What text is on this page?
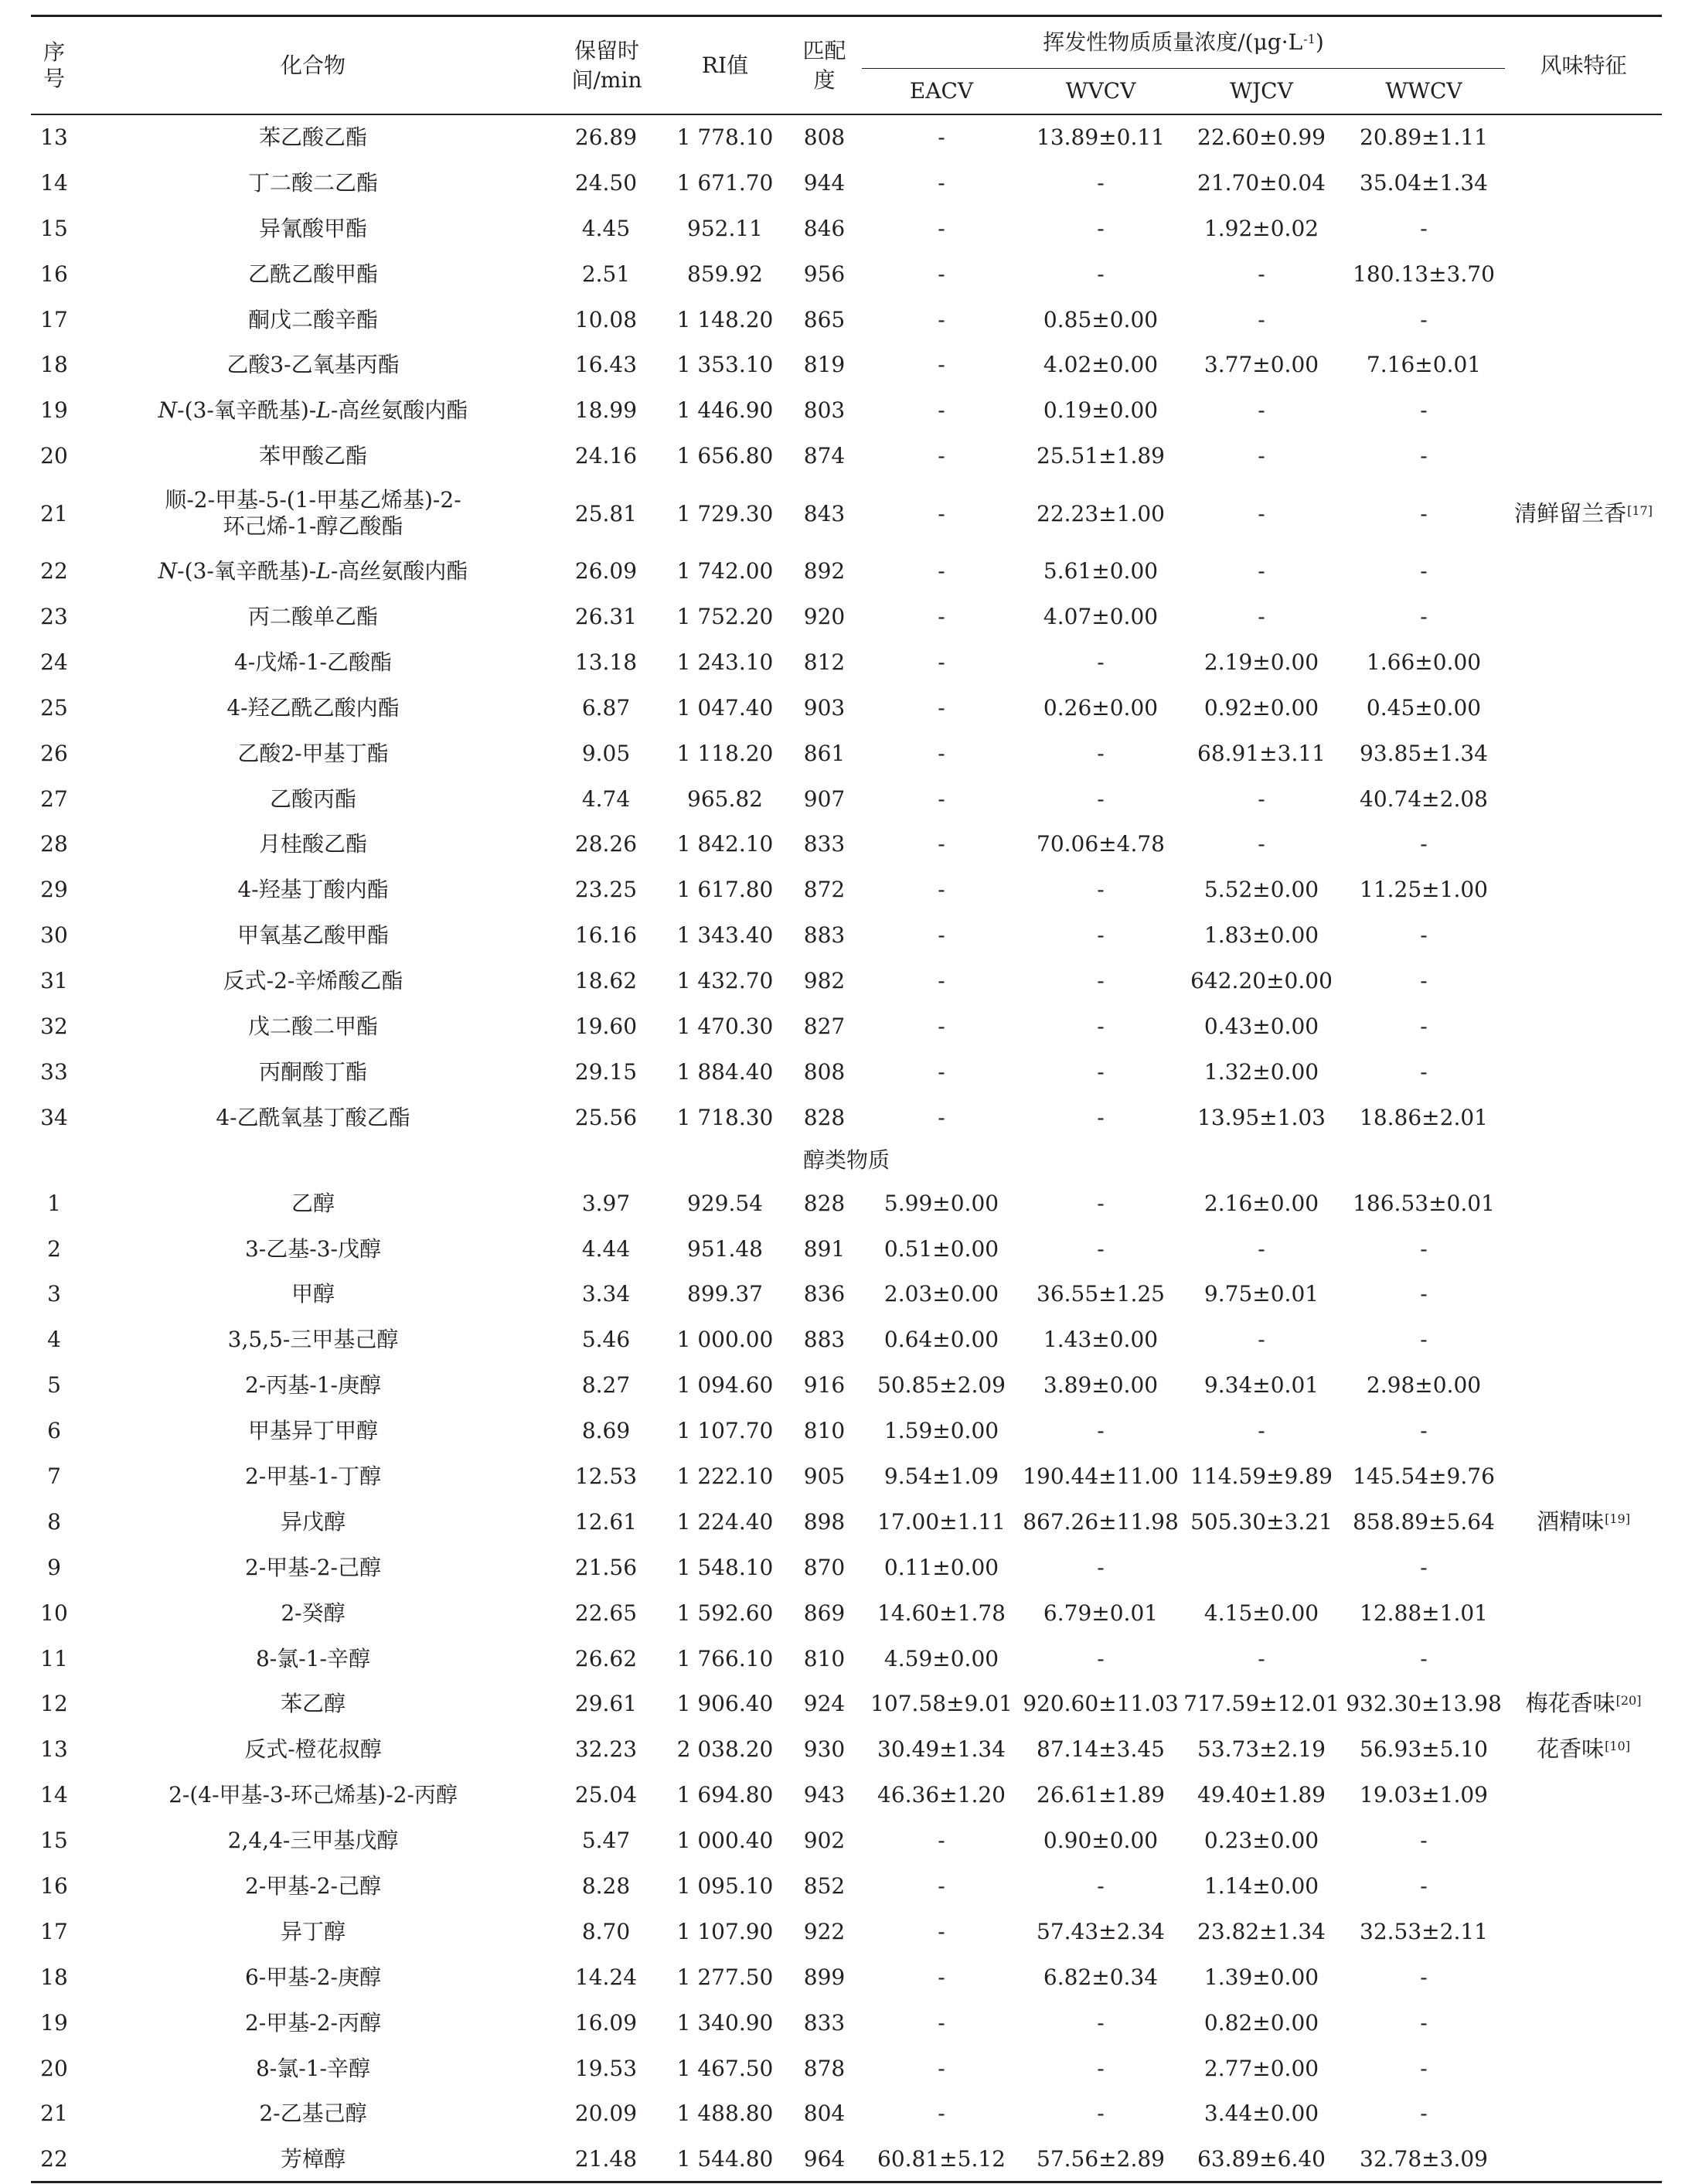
序号	化合物	保留时间/min	RI值	匹配度	挥发性物质质量浓度$/(\mu g\cdot L^{-1})$				风味特征
					EACV	WVCV	WJCV	WWCV	
13	苯乙酸乙酯	26.89	1 778.10	808	-	13.89±0.11	22.60±0.99	20.89±1.11	
14	丁二酸二乙酯	24.50	1 671.70	944	-	-	21.70±0.04	35.04±1.34	
15	异氰酸甲酯	4.45	952.11	846	-	-	1.92±0.02	-	
16	乙酰乙酸甲酯	2.51	859.92	956	-	-	-	180.13±3.70	
17	酮戊二酸辛酯	10.08	1 148.20	865	-	0.85±0.00	-	-	
18	乙酸3-乙氧基丙酯	16.43	1 353.10	819	-	4.02±0.00	3.77±0.00	7.16±0.01	
19	N-(3-氧辛酰基)-L-高丝氨酸内酯	18.99	1 446.90	803	-	0.19±0.00	-	-	
20	苯甲酸乙酯	24.16	1 656.80	874	-	25.51±1.89	-	-	
21	顺-2-甲基-5-(1-甲基乙烯基)-2-环己烯-1-醇乙酸酯	25.81	1 729.30	843	-	22.23±1.00	-	-	清鲜留兰香[17]
22	N-(3-氧辛酰基)-L-高丝氨酸内酯	26.09	1 742.00	892	-	5.61±0.00	-	-	
23	丙二酸单乙酯	26.31	1 752.20	920	-	4.07±0.00	-	-	
24	4-戊烯-1-乙酸酯	13.18	1 243.10	812	-	-	2.19±0.00	1.66±0.00	
25	4-羟乙酰乙酸内酯	6.87	1 047.40	903	-	0.26±0.00	0.92±0.00	0.45±0.00	
26	乙酸2-甲基丁酯	9.05	1 118.20	861	-	-	68.91±3.11	93.85±1.34	
27	乙酸丙酯	4.74	965.82	907	-	-	-	40.74±2.08	
28	月桂酸乙酯	28.26	1 842.10	833	-	70.06±4.78	-	-	
29	4-羟基丁酸内酯	23.25	1 617.80	872	-	-	5.52±0.00	11.25±1.00	
30	甲氧基乙酸甲酯	16.16	1 343.40	883	-	-	1.83±0.00	-	
31	反式-2-辛烯酸乙酯	18.62	1 432.70	982	-	-	642.20±0.00	-	
32	戊二酸二甲酯	19.60	1 470.30	827	-	-	0.43±0.00	-	
33	丙酮酸丁酯	29.15	1 884.40	808	-	-	1.32±0.00	-	
34	4-乙酰氧基丁酸乙酯	25.56	1 718.30	828	-	-	13.95±1.03	18.86±2.01	
醇类物质									
1	乙醇	3.97	929.54	828	5.99±0.00	-	2.16±0.00	186.53±0.01	
2	3-乙基-3-戊醇	4.44	951.48	891	0.51±0.00	-	-	-	
3	甲醇	3.34	899.37	836	2.03±0.00	36.55±1.25	9.75±0.01	-	
4	3,5,5-三甲基己醇	5.46	1 000.00	883	0.64±0.00	1.43±0.00	-	-	
5	2-丙基-1-庚醇	8.27	1 094.60	916	50.85±2.09	3.89±0.00	9.34±0.01	2.98±0.00	
6	甲基异丁甲醇	8.69	1 107.70	810	1.59±0.00	-	-	-	
7	2-甲基-1-丁醇	12.53	1 222.10	905	9.54±1.09	190.44±11.00	114.59±9.89	145.54±9.76	
8	异戊醇	12.61	1 224.40	898	17.00±1.11	867.26±11.98	505.30±3.21	858.89±5.64	酒精味[19]
9	2-甲基-2-己醇	21.56	1 548.10	870	0.11±0.00	-		-	
10	2-癸醇	22.65	1 592.60	869	14.60±1.78	6.79±0.01	4.15±0.00	12.88±1.01	
11	8-氯-1-辛醇	26.62	1 766.10	810	4.59±0.00	-	-	-	
12	苯乙醇	29.61	1 906.40	924	107.58±9.01	920.60±11.03	717.59±12.01	932.30±13.98	梅花香味[20]
13	反式-橙花叔醇	32.23	2 038.20	930	30.49±1.34	87.14±3.45	53.73±2.19	56.93±5.10	花香味[10]
14	2-(4-甲基-3-环己烯基)-2-丙醇	25.04	1 694.80	943	46.36±1.20	26.61±1.89	49.40±1.89	19.03±1.09	
15	2,4,4-三甲基戊醇	5.47	1 000.40	902	-	0.90±0.00	0.23±0.00	-	
16	2-甲基-2-己醇	8.28	1 095.10	852	-	-	1.14±0.00	-	
17	异丁醇	8.70	1 107.90	922	-	57.43±2.34	23.82±1.34	32.53±2.11	
18	6-甲基-2-庚醇	14.24	1 277.50	899	-	6.82±0.34	1.39±0.00	-	
19	2-甲基-2-丙醇	16.09	1 340.90	833	-	-	0.82±0.00	-	
20	8-氯-1-辛醇	19.53	1 467.50	878	-	-	2.77±0.00	-	
21	2-乙基己醇	20.09	1 488.80	804	-	-	3.44±0.00	-	
22	芳樟醇	21.48	1 544.80	964	60.81±5.12	57.56±2.89	63.89±6.40	32.78±3.09	
